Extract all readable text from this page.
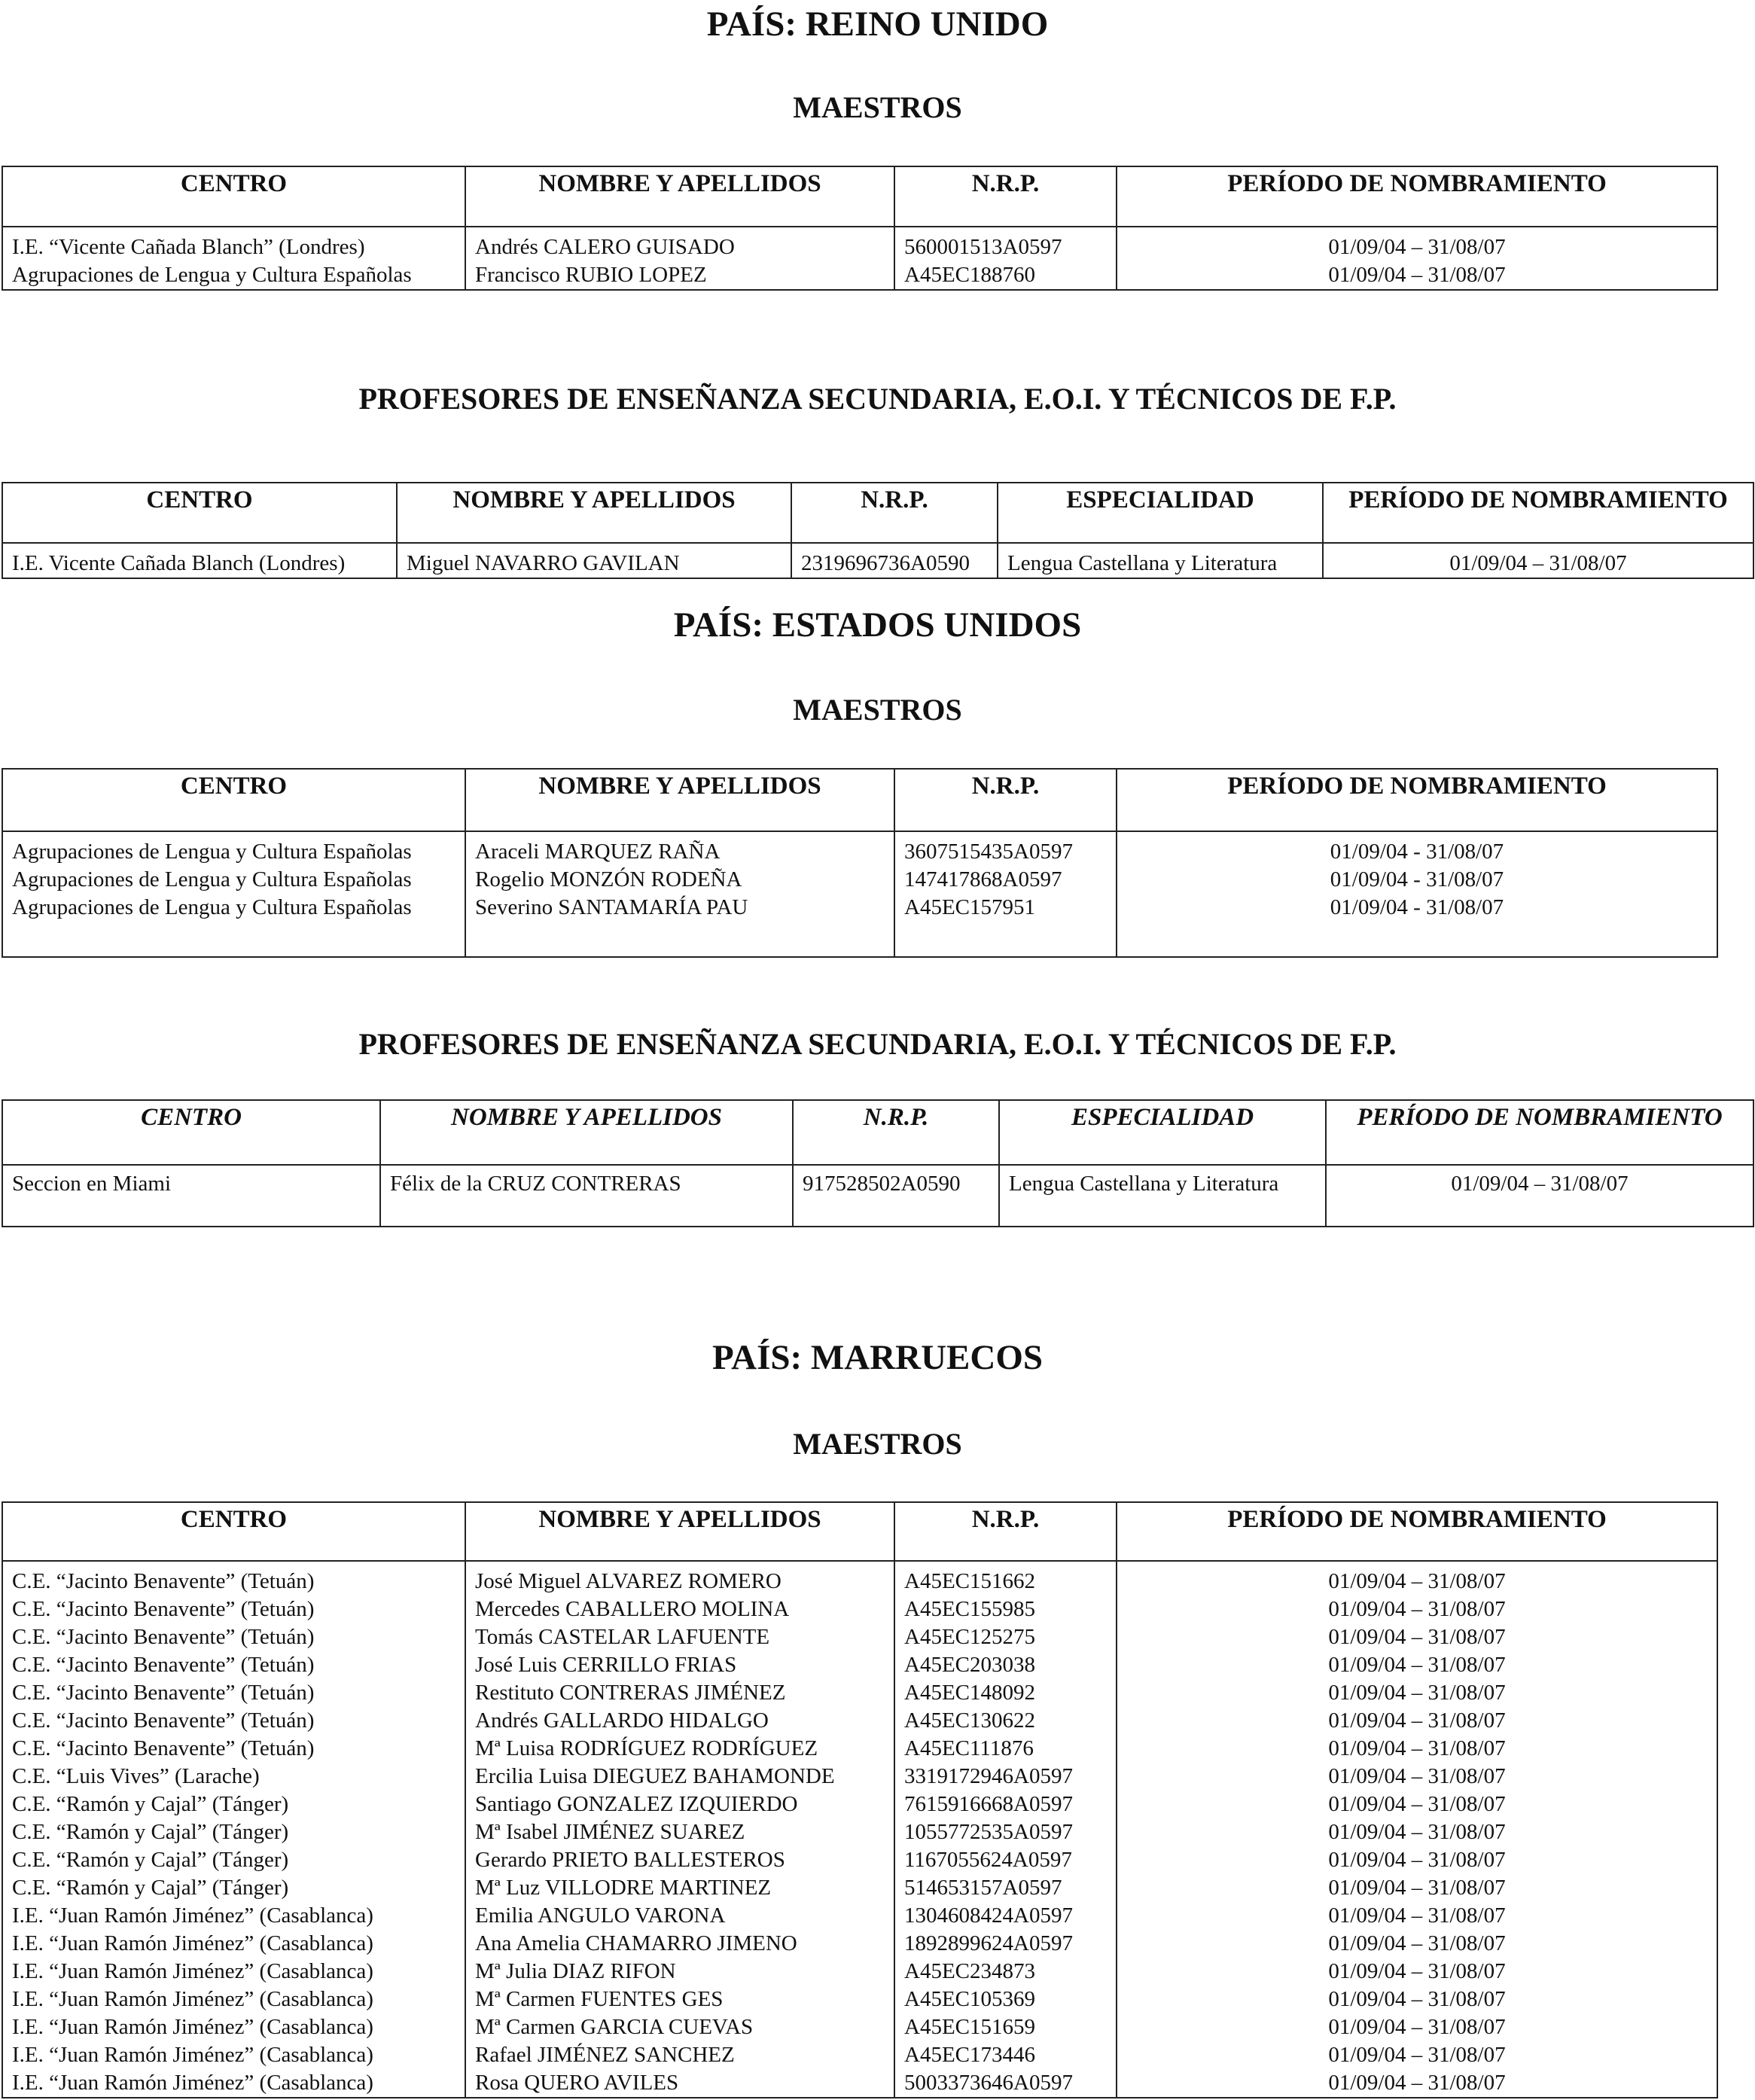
PAÍS: REINO UNIDO
MAESTROS
CENTRO	NOMBRE Y APELLIDOS	N.R.P.	PERÍODO DE NOMBRAMIENTO
I.E. “Vicente Cañada Blanch” (Londres)	Andrés CALERO GUISADO	560001513A0597	01/09/04 – 31/08/07
Agrupaciones de Lengua y Cultura Españolas	Francisco RUBIO LOPEZ	A45EC188760	01/09/04 – 31/08/07
PROFESORES DE ENSEÑANZA SECUNDARIA, E.O.I. Y TÉCNICOS DE F.P.
CENTRO	NOMBRE Y APELLIDOS	N.R.P.	ESPECIALIDAD	PERÍODO DE NOMBRAMIENTO
I.E. Vicente Cañada Blanch (Londres)	Miguel NAVARRO GAVILAN	2319696736A0590	Lengua Castellana y Literatura	01/09/04 – 31/08/07
PAÍS: ESTADOS UNIDOS
MAESTROS
CENTRO	NOMBRE Y APELLIDOS	N.R.P.	PERÍODO DE NOMBRAMIENTO
Agrupaciones de Lengua y Cultura Españolas	Araceli MARQUEZ RAÑA	3607515435A0597	01/09/04 - 31/08/07
Agrupaciones de Lengua y Cultura Españolas	Rogelio MONZÓN RODEÑA	147417868A0597	01/09/04 - 31/08/07
Agrupaciones de Lengua y Cultura Españolas	Severino SANTAMARÍA PAU	A45EC157951	01/09/04 - 31/08/07

PROFESORES DE ENSEÑANZA SECUNDARIA, E.O.I. Y TÉCNICOS DE F.P.
CENTRO	NOMBRE Y APELLIDOS	N.R.P.	ESPECIALIDAD	PERÍODO DE NOMBRAMIENTO
Seccion en Miami	Félix de la CRUZ CONTRERAS	917528502A0590	Lengua Castellana y Literatura	01/09/04 – 31/08/07

PAÍS: MARRUECOS
MAESTROS
CENTRO	NOMBRE Y APELLIDOS	N.R.P.	PERÍODO DE NOMBRAMIENTO
C.E. “Jacinto Benavente” (Tetuán)	José Miguel ALVAREZ ROMERO	A45EC151662	01/09/04 – 31/08/07
C.E. “Jacinto Benavente” (Tetuán)	Mercedes CABALLERO MOLINA	A45EC155985	01/09/04 – 31/08/07
C.E. “Jacinto Benavente” (Tetuán)	Tomás CASTELAR LAFUENTE	A45EC125275	01/09/04 – 31/08/07
C.E. “Jacinto Benavente” (Tetuán)	José Luis CERRILLO FRIAS	A45EC203038	01/09/04 – 31/08/07
C.E. “Jacinto Benavente” (Tetuán)	Restituto CONTRERAS JIMÉNEZ	A45EC148092	01/09/04 – 31/08/07
C.E. “Jacinto Benavente” (Tetuán)	Andrés GALLARDO HIDALGO	A45EC130622	01/09/04 – 31/08/07
C.E. “Jacinto Benavente” (Tetuán)	Mª Luisa RODRÍGUEZ RODRÍGUEZ	A45EC111876	01/09/04 – 31/08/07
C.E. “Luis Vives” (Larache)	Ercilia Luisa DIEGUEZ BAHAMONDE	3319172946A0597	01/09/04 – 31/08/07
C.E. “Ramón y Cajal” (Tánger)	Santiago GONZALEZ IZQUIERDO	7615916668A0597	01/09/04 – 31/08/07
C.E. “Ramón y Cajal” (Tánger)	Mª Isabel JIMÉNEZ SUAREZ	1055772535A0597	01/09/04 – 31/08/07
C.E. “Ramón y Cajal” (Tánger)	Gerardo PRIETO BALLESTEROS	1167055624A0597	01/09/04 – 31/08/07
C.E. “Ramón y Cajal” (Tánger)	Mª Luz VILLODRE MARTINEZ	514653157A0597	01/09/04 – 31/08/07
I.E. “Juan Ramón Jiménez” (Casablanca)	Emilia ANGULO VARONA	1304608424A0597	01/09/04 – 31/08/07
I.E. “Juan Ramón Jiménez” (Casablanca)	Ana Amelia CHAMARRO JIMENO	1892899624A0597	01/09/04 – 31/08/07
I.E. “Juan Ramón Jiménez” (Casablanca)	Mª Julia DIAZ RIFON	A45EC234873	01/09/04 – 31/08/07
I.E. “Juan Ramón Jiménez” (Casablanca)	Mª Carmen FUENTES GES	A45EC105369	01/09/04 – 31/08/07
I.E. “Juan Ramón Jiménez” (Casablanca)	Mª Carmen GARCIA CUEVAS	A45EC151659	01/09/04 – 31/08/07
I.E. “Juan Ramón Jiménez” (Casablanca)	Rafael JIMÉNEZ SANCHEZ	A45EC173446	01/09/04 – 31/08/07
I.E. “Juan Ramón Jiménez” (Casablanca)	Rosa QUERO AVILES	5003373646A0597	01/09/04 – 31/08/07
